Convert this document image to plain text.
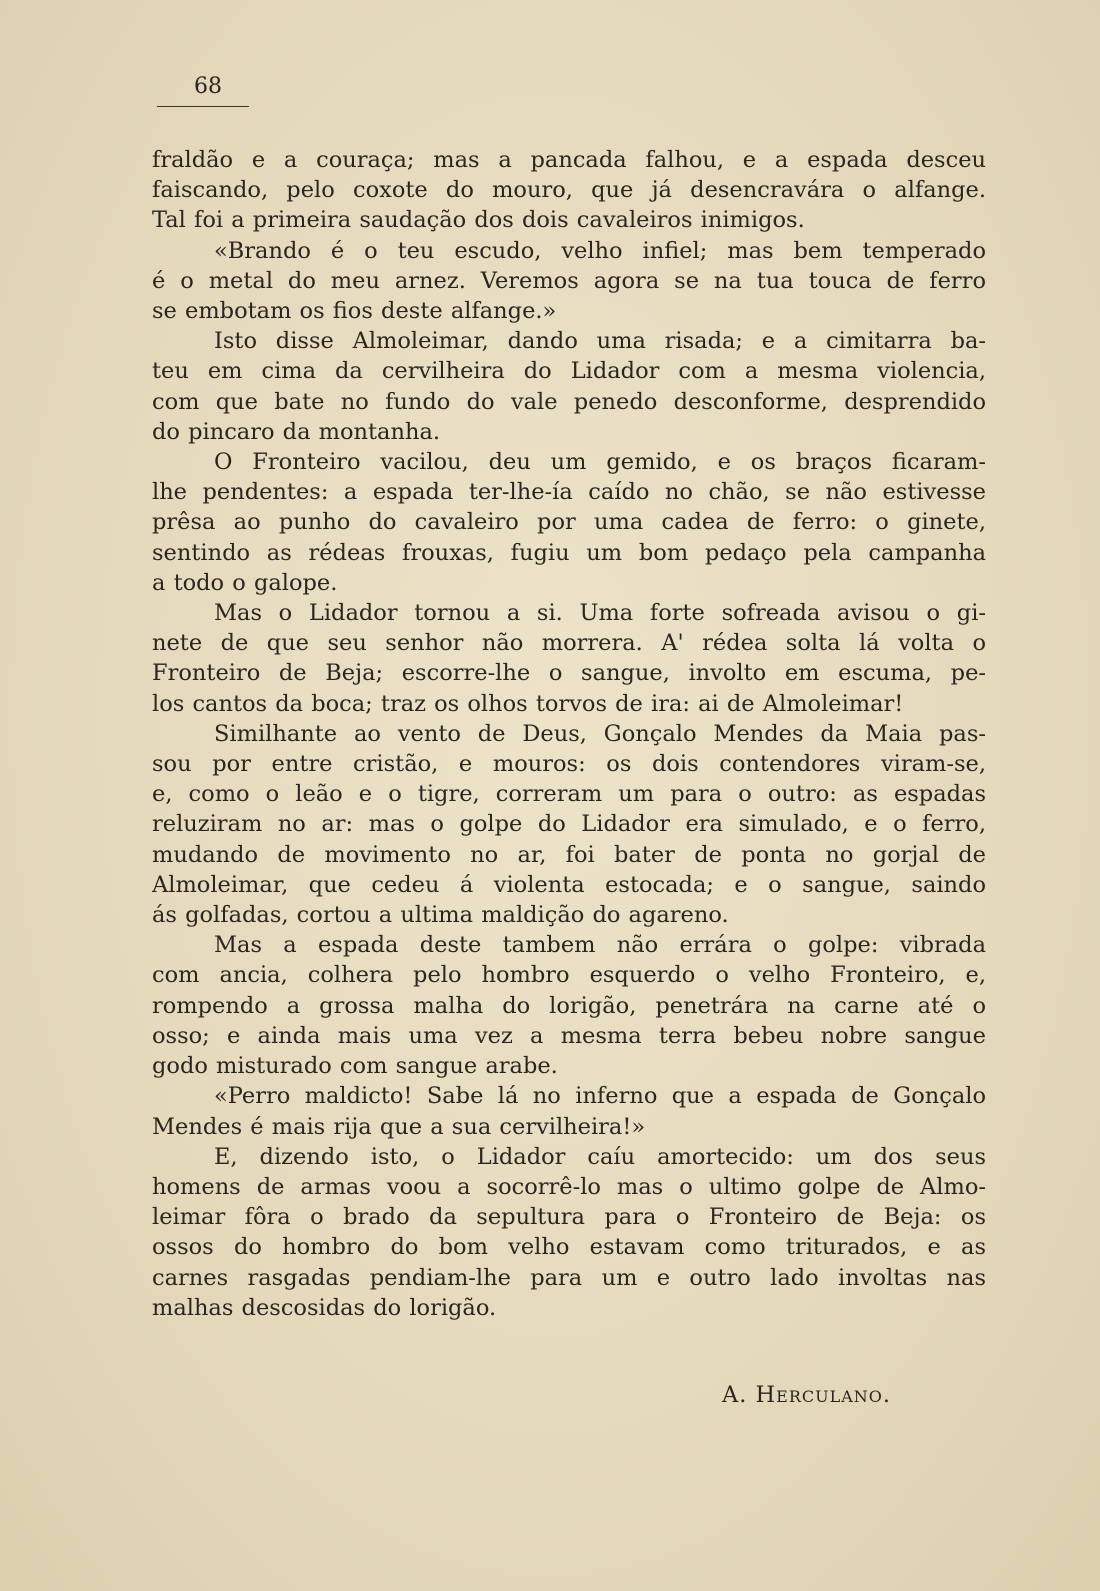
68
fraldão e a couraça; mas a pancada falhou, e a espada desceu
faiscando, pelo coxote do mouro, que já desencravára o alfange.
Tal foi a primeira saudação dos dois cavaleiros inimigos.
«Brando é o teu escudo, velho infiel; mas bem temperado
é o metal do meu arnez. Veremos agora se na tua touca de ferro
se embotam os fios deste alfange.»
Isto disse Almoleimar, dando uma risada; e a cimitarra ba-
teu em cima da cervilheira do Lidador com a mesma violencia,
com que bate no fundo do vale penedo desconforme, desprendido
do pincaro da montanha.
O Fronteiro vacilou, deu um gemido, e os braços ficaram-
lhe pendentes: a espada ter-lhe-ía caído no chão, se não estivesse
prêsa ao punho do cavaleiro por uma cadea de ferro: o ginete,
sentindo as rédeas frouxas, fugiu um bom pedaço pela campanha
a todo o galope.
Mas o Lidador tornou a si. Uma forte sofreada avisou o gi-
nete de que seu senhor não morrera. A' rédea solta lá volta o
Fronteiro de Beja; escorre-lhe o sangue, involto em escuma, pe-
los cantos da boca; traz os olhos torvos de ira: ai de Almoleimar!
Similhante ao vento de Deus, Gonçalo Mendes da Maia pas-
sou por entre cristão, e mouros: os dois contendores viram-se,
e, como o leão e o tigre, correram um para o outro: as espadas
reluziram no ar: mas o golpe do Lidador era simulado, e o ferro,
mudando de movimento no ar, foi bater de ponta no gorjal de
Almoleimar, que cedeu á violenta estocada; e o sangue, saindo
ás golfadas, cortou a ultima maldição do agareno.
Mas a espada deste tambem não errára o golpe: vibrada
com ancia, colhera pelo hombro esquerdo o velho Fronteiro, e,
rompendo a grossa malha do lorigão, penetrára na carne até o
osso; e ainda mais uma vez a mesma terra bebeu nobre sangue
godo misturado com sangue arabe.
«Perro maldicto! Sabe lá no inferno que a espada de Gonçalo
Mendes é mais rija que a sua cervilheira!»
E, dizendo isto, o Lidador caíu amortecido: um dos seus
homens de armas voou a socorrê-lo mas o ultimo golpe de Almo-
leimar fôra o brado da sepultura para o Fronteiro de Beja: os
ossos do hombro do bom velho estavam como triturados, e as
carnes rasgadas pendiam-lhe para um e outro lado involtas nas
malhas descosidas do lorigão.
A. Herculano.
